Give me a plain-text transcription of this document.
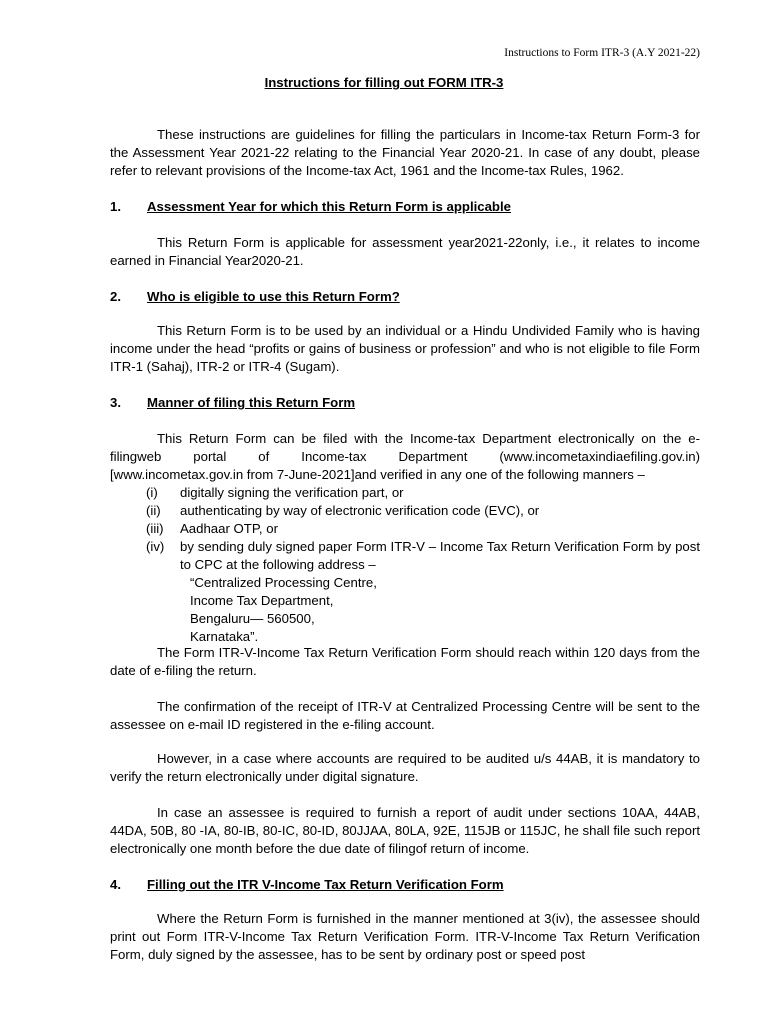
Instructions to Form ITR-3 (A.Y 2021-22)
Instructions for filling out FORM ITR-3
These instructions are guidelines for filling the particulars in Income-tax Return Form-3 for the Assessment Year 2021-22 relating to the Financial Year 2020-21. In case of any doubt, please refer to relevant provisions of the Income-tax Act, 1961 and the Income-tax Rules, 1962.
1. Assessment Year for which this Return Form is applicable
This Return Form is applicable for assessment year2021-22only, i.e., it relates to income earned in Financial Year2020-21.
2. Who is eligible to use this Return Form?
This Return Form is to be used by an individual or a Hindu Undivided Family who is having income under the head “profits or gains of business or profession” and who is not eligible to file Form ITR-1 (Sahaj), ITR-2 or ITR-4 (Sugam).
3. Manner of filing this Return Form
This Return Form can be filed with the Income-tax Department electronically on the e-
filingweb portal of Income-tax Department (www.incometaxindiaefiling.gov.in)
[www.incometax.gov.in from 7-June-2021]and verified in any one of the following manners –
(i)	digitally signing the verification part, or
(ii)	authenticating by way of electronic verification code (EVC), or
(iii)	Aadhaar OTP, or
(iv)	by sending duly signed paper Form ITR-V – Income Tax Return Verification Form by post to CPC at the following address –
“Centralized Processing Centre,
Income Tax Department,
Bengaluru— 560500,
Karnataka”.
The Form ITR-V-Income Tax Return Verification Form should reach within 120 days from the date of e-filing the return.
The confirmation of the receipt of ITR-V at Centralized Processing Centre will be sent to the assessee on e-mail ID registered in the e-filing account.
However, in a case where accounts are required to be audited u/s 44AB, it is mandatory to verify the return electronically under digital signature.
In case an assessee is required to furnish a report of audit under sections 10AA, 44AB, 44DA, 50B, 80 -IA, 80-IB, 80-IC, 80-ID, 80JJAA, 80LA, 92E, 115JB or 115JC, he shall file such report electronically one month before the due date of filingof return of income.
4. Filling out the ITR V-Income Tax Return Verification Form
Where the Return Form is furnished in the manner mentioned at 3(iv), the assessee should print out Form ITR-V-Income Tax Return Verification Form. ITR-V-Income Tax Return Verification Form, duly signed by the assessee, has to be sent by ordinary post or speed post
